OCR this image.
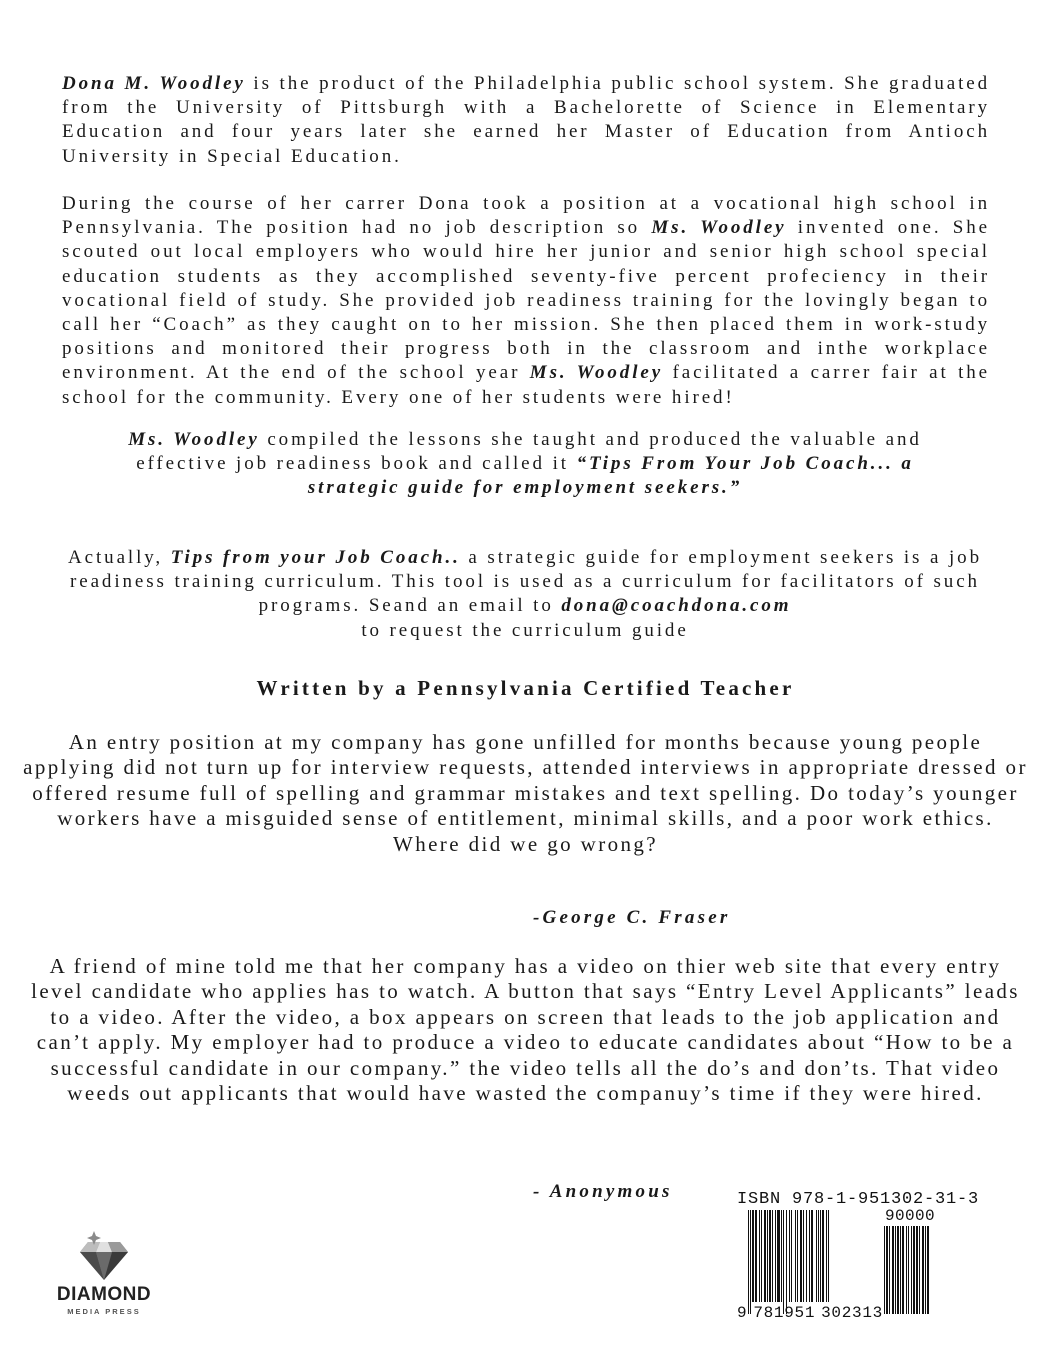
Dona M. Woodley is the product of the Philadelphia public school system. She graduated from the University of Pittsburgh with a Bachelorette of Science in Elementary Education and four years later she earned her Master of Education from Antioch University in Special Education.
During the course of her carrer Dona took a position at a vocational high school in Pennsylvania. The position had no job description so Ms. Woodley invented one. She scouted out local employers who would hire her junior and senior high school special education students as they accomplished seventy-five percent profeciency in their vocational field of study. She provided job readiness training for the lovingly began to call her “Coach” as they caught on to her mission. She then placed them in work-study positions and monitored their progress both in the classroom and inthe workplace environment. At the end of the school year Ms. Woodley facilitated a carrer fair at the school for the community. Every one of her students were hired!
Ms. Woodley compiled the lessons she taught and produced the valuable and effective job readiness book and called it “Tips From Your Job Coach... a strategic guide for employment seekers.”
Actually, Tips from your Job Coach.. a strategic guide for employment seekers is a job readiness training curriculum. This tool is used as a curriculum for facilitators of such programs. Seand an email to dona@coachdona.com
to request the curriculum guide
Written by a Pennsylvania Certified Teacher
An entry position at my company has gone unfilled for months because young people applying did not turn up for interview requests, attended interviews in appropriate dressed or offered resume full of spelling and grammar mistakes and text spelling. Do today’s younger workers have a misguided sense of entitlement, minimal skills, and a poor work ethics. Where did we go wrong?
-George C. Fraser
A friend of mine told me that her company has a video on thier web site that every entry level candidate who applies has to watch. A button that says “Entry Level Applicants” leads to a video. After the video, a box appears on screen that leads to the job application and can’t apply. My employer had to produce a video to educate candidates about “How to be a successful candidate in our company.” the video tells all the do’s and don’ts. That video weeds out applicants that would have wasted the companuy’s time if they were hired.
- Anonymous
DIAMOND
MEDIA PRESS
ISBN 978-1-951302-31-3
90000
9 781951 302313
